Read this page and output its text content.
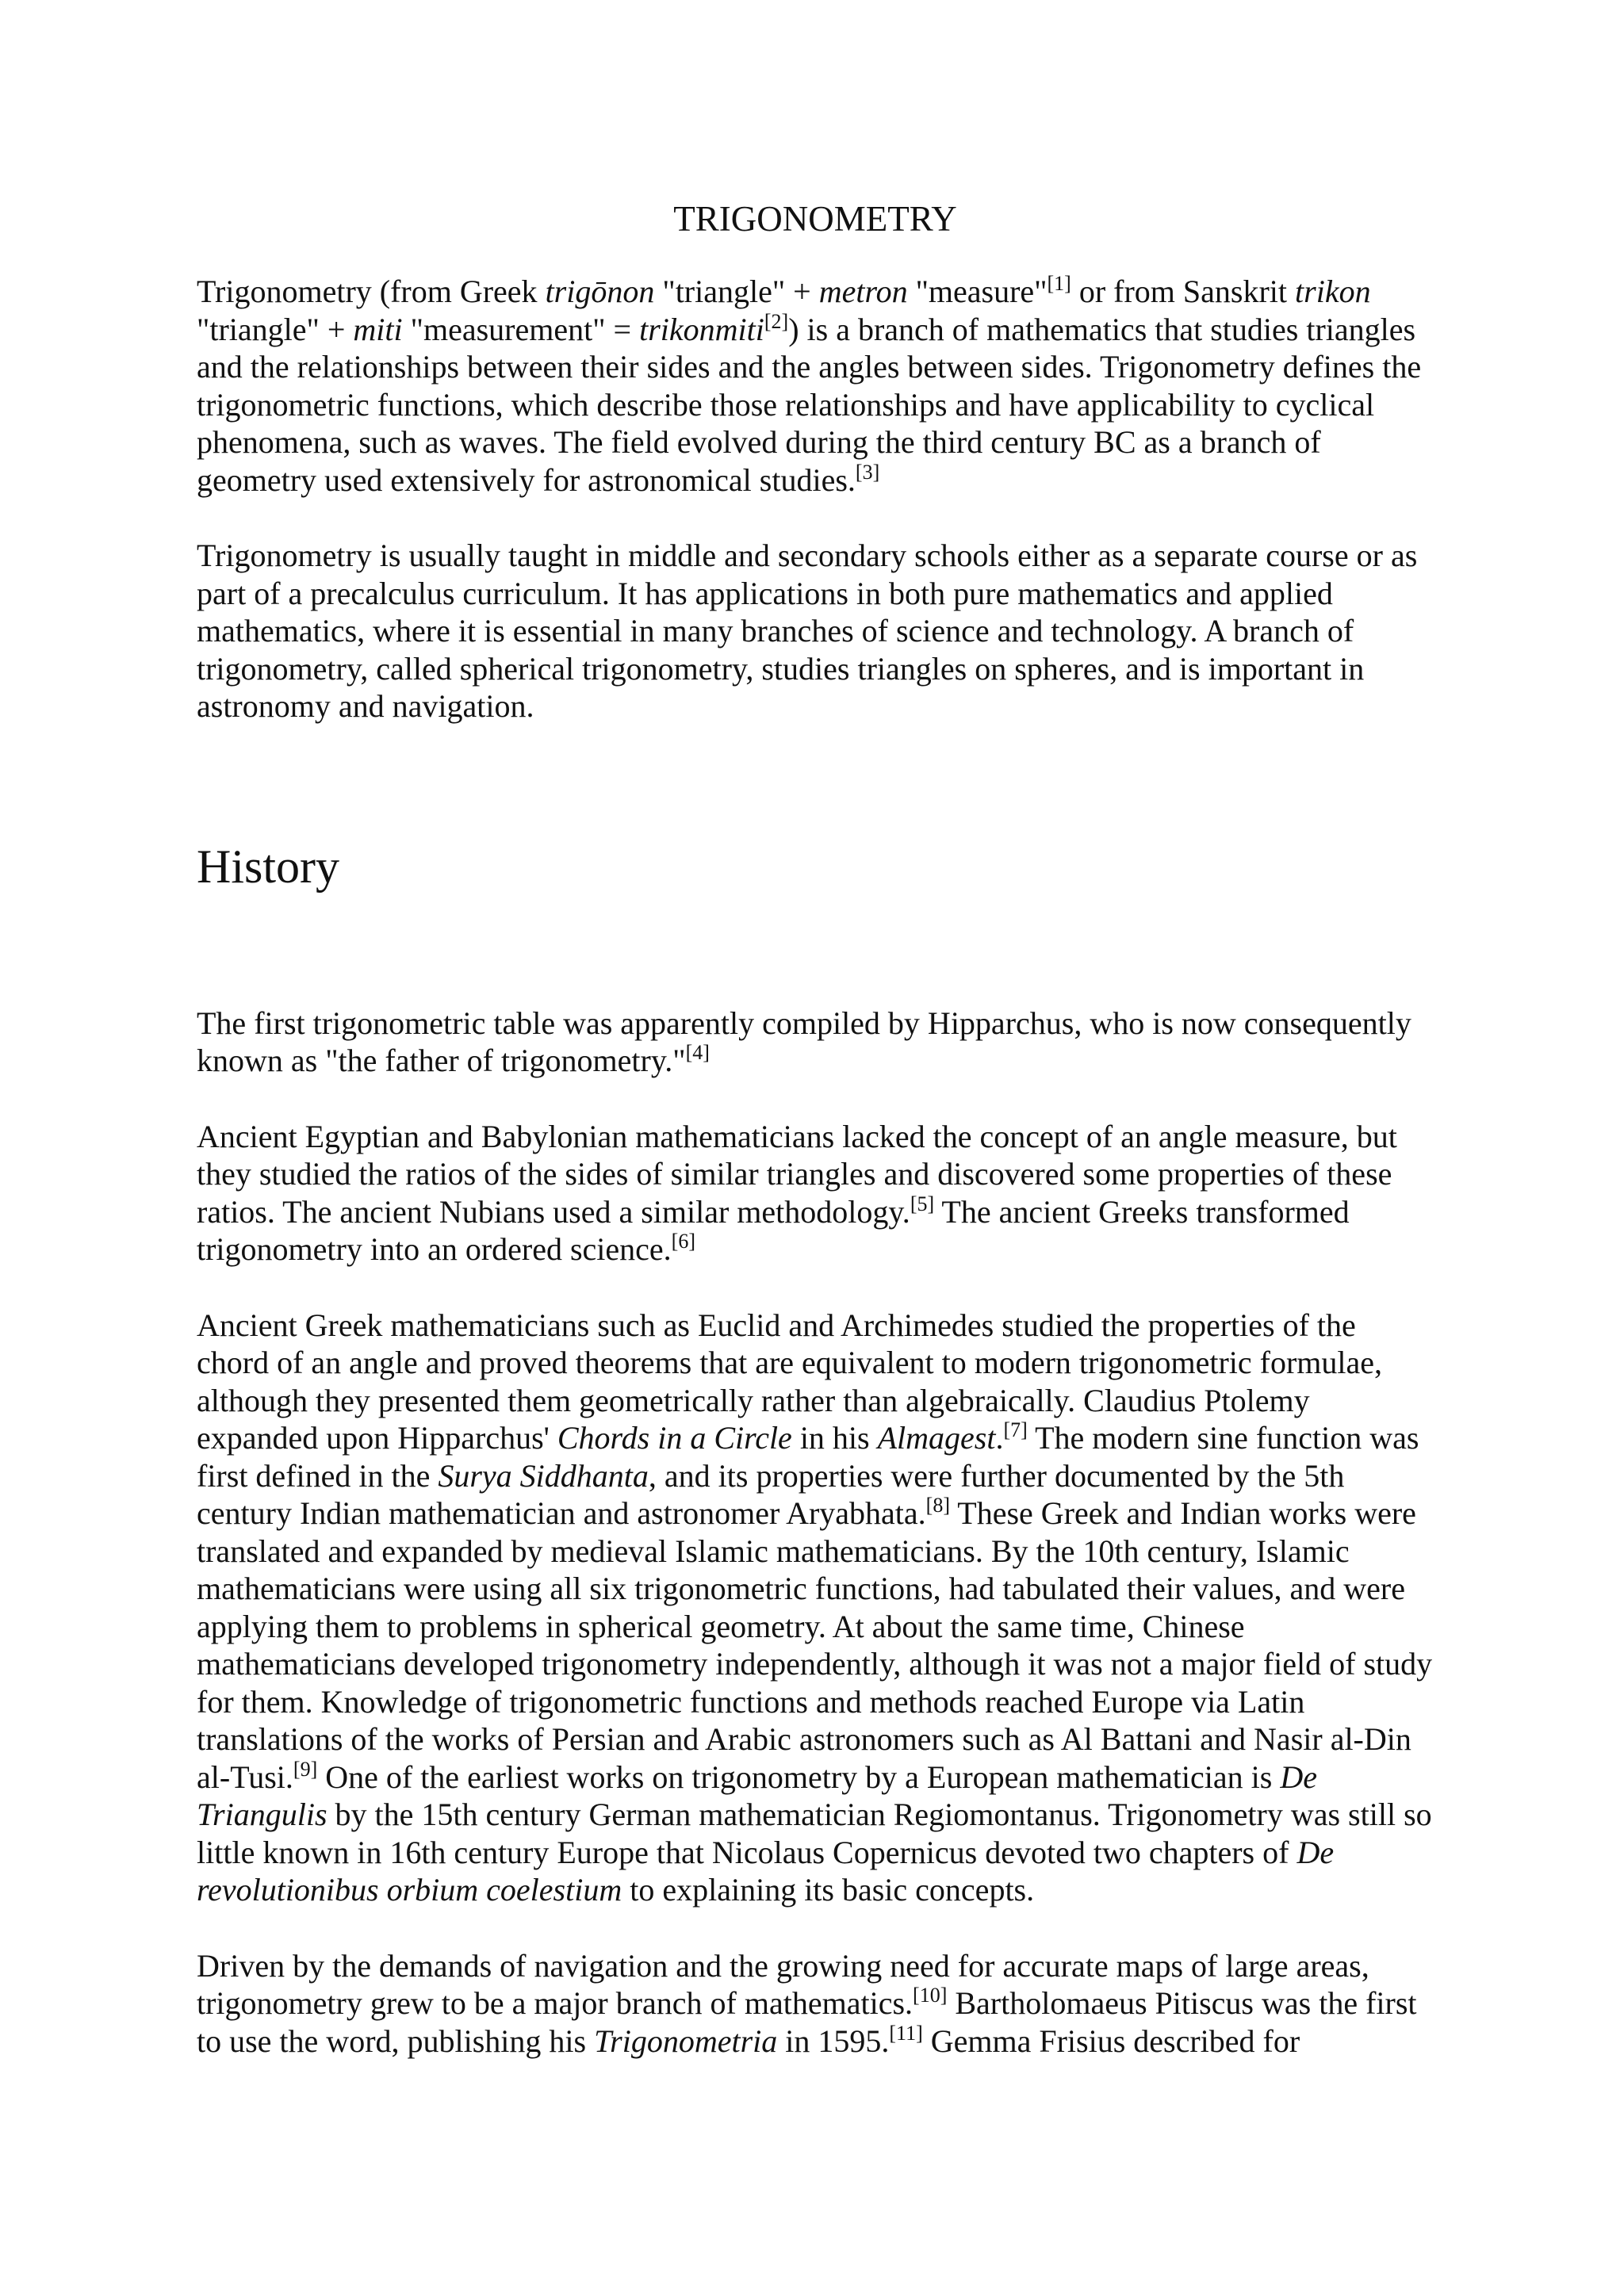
TRIGONOMETRY

Trigonometry (from Greek trigōnon "triangle" + metron "measure"[1] or from Sanskrit trikon "triangle" + miti "measurement" = trikonmiti[2]) is a branch of mathematics that studies triangles and the relationships between their sides and the angles between sides. Trigonometry defines the trigonometric functions, which describe those relationships and have applicability to cyclical phenomena, such as waves. The field evolved during the third century BC as a branch of geometry used extensively for astronomical studies.[3]

Trigonometry is usually taught in middle and secondary schools either as a separate course or as part of a precalculus curriculum. It has applications in both pure mathematics and applied mathematics, where it is essential in many branches of science and technology. A branch of trigonometry, called spherical trigonometry, studies triangles on spheres, and is important in astronomy and navigation.

History

The first trigonometric table was apparently compiled by Hipparchus, who is now consequently known as "the father of trigonometry."[4]

Ancient Egyptian and Babylonian mathematicians lacked the concept of an angle measure, but they studied the ratios of the sides of similar triangles and discovered some properties of these ratios. The ancient Nubians used a similar methodology.[5] The ancient Greeks transformed trigonometry into an ordered science.[6]

Ancient Greek mathematicians such as Euclid and Archimedes studied the properties of the chord of an angle and proved theorems that are equivalent to modern trigonometric formulae, although they presented them geometrically rather than algebraically. Claudius Ptolemy expanded upon Hipparchus' Chords in a Circle in his Almagest.[7] The modern sine function was first defined in the Surya Siddhanta, and its properties were further documented by the 5th century Indian mathematician and astronomer Aryabhata.[8] These Greek and Indian works were translated and expanded by medieval Islamic mathematicians. By the 10th century, Islamic mathematicians were using all six trigonometric functions, had tabulated their values, and were applying them to problems in spherical geometry. At about the same time, Chinese mathematicians developed trigonometry independently, although it was not a major field of study for them. Knowledge of trigonometric functions and methods reached Europe via Latin translations of the works of Persian and Arabic astronomers such as Al Battani and Nasir al-Din al-Tusi.[9] One of the earliest works on trigonometry by a European mathematician is De Triangulis by the 15th century German mathematician Regiomontanus. Trigonometry was still so little known in 16th century Europe that Nicolaus Copernicus devoted two chapters of De revolutionibus orbium coelestium to explaining its basic concepts.

Driven by the demands of navigation and the growing need for accurate maps of large areas, trigonometry grew to be a major branch of mathematics.[10] Bartholomaeus Pitiscus was the first to use the word, publishing his Trigonometria in 1595.[11] Gemma Frisius described for
